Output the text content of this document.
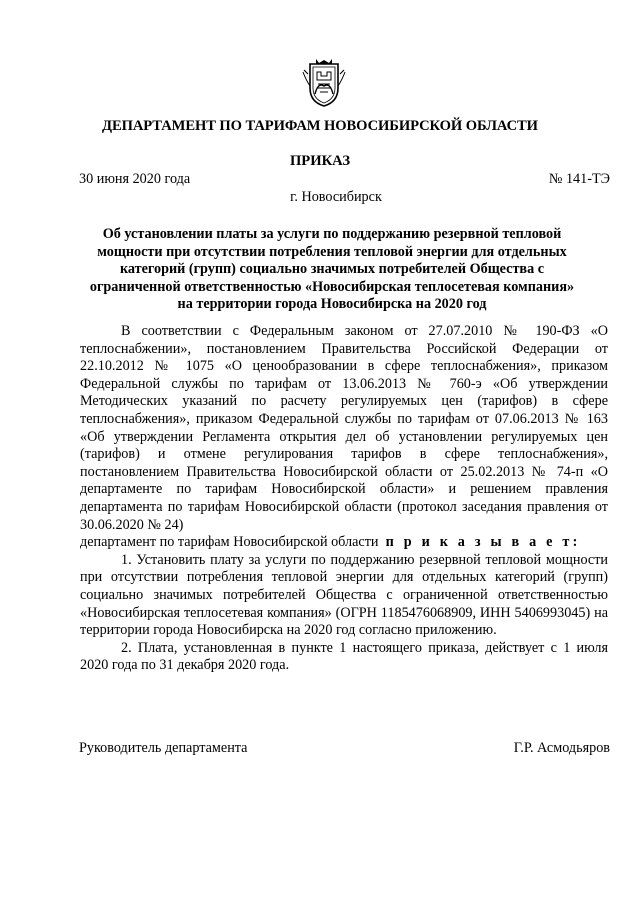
ДЕПАРТАМЕНТ ПО ТАРИФАМ НОВОСИБИРСКОЙ ОБЛАСТИ
ПРИКАЗ
30 июня 2020 года	№ 141-ТЭ
г. Новосибирск
Об установлении платы за услуги по поддержанию резервной тепловой
мощности при отсутствии потребления тепловой энергии для отдельных
категорий (групп) социально значимых потребителей Общества с
ограниченной ответственностью «Новосибирская теплосетевая компания»
на территории города Новосибирска на 2020 год

В соответствии с Федеральным законом от 27.07.2010 № 190-ФЗ «О теплоснабжении», постановлением Правительства Российской Федерации от 22.10.2012 № 1075 «О ценообразовании в сфере теплоснабжения», приказом Федеральной службы по тарифам от 13.06.2013 № 760-э «Об утверждении Методических указаний по расчету регулируемых цен (тарифов) в сфере теплоснабжения», приказом Федеральной службы по тарифам от 07.06.2013 № 163 «Об утверждении Регламента открытия дел об установлении регулируемых цен (тарифов) и отмене регулирования тарифов в сфере теплоснабжения», постановлением Правительства Новосибирской области от 25.02.2013 № 74-п «О департаменте по тарифам Новосибирской области» и решением правления департамента по тарифам Новосибирской области (протокол заседания правления от 30.06.2020 № 24)

департамент по тарифам Новосибирской области п р и к а з ы в а е т:

1. Установить плату за услуги по поддержанию резервной тепловой мощности при отсутствии потребления тепловой энергии для отдельных категорий (групп) социально значимых потребителей Общества с ограниченной ответственностью «Новосибирская теплосетевая компания» (ОГРН 1185476068909, ИНН 5406993045) на территории города Новосибирска на 2020 год согласно приложению.

2. Плата, установленная в пункте 1 настоящего приказа, действует с 1 июля 2020 года по 31 декабря 2020 года.

Руководитель департамента	Г.Р. Асмодьяров
